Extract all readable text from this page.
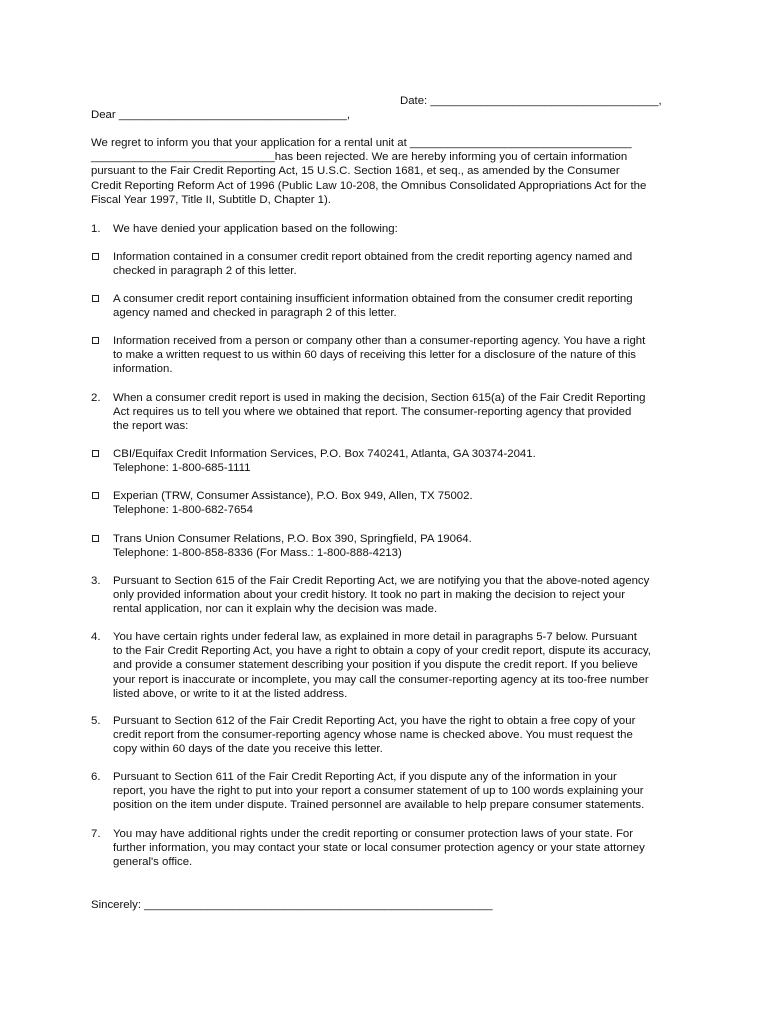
Date: ____________________________________,
Dear ____________________________________,

We regret to inform you that your application for a rental unit at ___________________________________

_____________________________has been rejected. We are hereby informing you of certain information

pursuant to the Fair Credit Reporting Act, 15 U.S.C. Section 1681, et seq., as amended by the Consumer

Credit Reporting Reform Act of 1996 (Public Law 10-208, the Omnibus Consolidated Appropriations Act for the

Fiscal Year 1997, Title II, Subtitle D, Chapter 1).

1.	We have denied your application based on the following:

Information contained in a consumer credit report obtained from the credit reporting agency named and

checked in paragraph 2 of this letter.

A consumer credit report containing insufficient information obtained from the consumer credit reporting

agency named and checked in paragraph 2 of this letter.

Information received from a person or company other than a consumer-reporting agency. You have a right

to make a written request to us within 60 days of receiving this letter for a disclosure of the nature of this

information.

2.	When a consumer credit report is used in making the decision, Section 615(a) of the Fair Credit Reporting

Act requires us to tell you where we obtained that report. The consumer-reporting agency that provided

the report was:

CBI/Equifax Credit Information Services, P.O. Box 740241, Atlanta, GA 30374-2041.

Telephone: 1-800-685-1111

Experian (TRW, Consumer Assistance), P.O. Box 949, Allen, TX 75002.

Telephone: 1-800-682-7654

Trans Union Consumer Relations, P.O. Box 390, Springfield, PA 19064.

Telephone: 1-800-858-8336 (For Mass.: 1-800-888-4213)

3.	Pursuant to Section 615 of the Fair Credit Reporting Act, we are notifying you that the above-noted agency

only provided information about your credit history. It took no part in making the decision to reject your

rental application, nor can it explain why the decision was made.

4.	You have certain rights under federal law, as explained in more detail in paragraphs 5-7 below. Pursuant

to the Fair Credit Reporting Act, you have a right to obtain a copy of your credit report, dispute its accuracy,

and provide a consumer statement describing your position if you dispute the credit report. If you believe

your report is inaccurate or incomplete, you may call the consumer-reporting agency at its too-free number

listed above, or write to it at the listed address.

5.	Pursuant to Section 612 of the Fair Credit Reporting Act, you have the right to obtain a free copy of your

credit report from the consumer-reporting agency whose name is checked above. You must request the

copy within 60 days of the date you receive this letter.

6.	Pursuant to Section 611 of the Fair Credit Reporting Act, if you dispute any of the information in your

report, you have the right to put into your report a consumer statement of up to 100 words explaining your

position on the item under dispute. Trained personnel are available to help prepare consumer statements.

7.	You may have additional rights under the credit reporting or consumer protection laws of your state. For

further information, you may contact your state or local consumer protection agency or your state attorney

general's office.

Sincerely: _______________________________________________________
